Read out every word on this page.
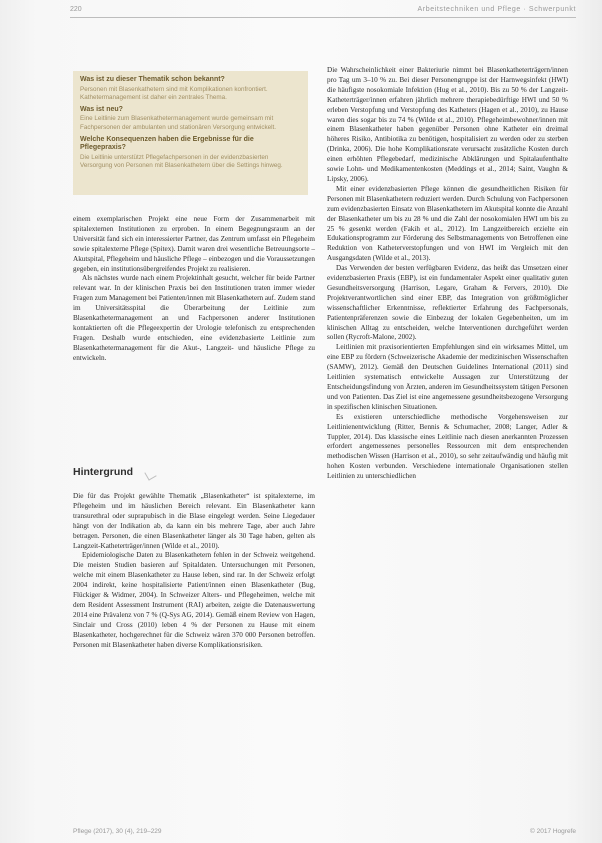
220	Arbeitstechniken und Pflege · Schwerpunkt
Was ist zu dieser Thematik schon bekannt?
Personen mit Blasenkathetern sind mit Komplikationen konfrontiert. Kathetermanagement ist daher ein zentrales Thema.
Was ist neu?
Eine Leitlinie zum Blasenkathetermanagement wurde gemeinsam mit Fachpersonen der ambulanten und stationären Versorgung entwickelt.
Welche Konsequenzen haben die Ergebnisse für die Pflegepraxis?
Die Leitlinie unterstützt Pflegefachpersonen in der evidenzbasierten Versorgung von Personen mit Blasenkathetern über die Settings hinweg.

einem exemplarischen Projekt eine neue Form der Zusammenarbeit mit spitalexternen Institutionen zu erproben. In einem Begegnungsraum an der Universität fand sich ein interessierter Partner, das Zentrum umfasst ein Pflegeheim sowie spitalexterne Pflege (Spitex). Damit waren drei wesentliche Betreuungsorte – Akutspital, Pflegeheim und häusliche Pflege – einbezogen und die Voraussetzungen gegeben, ein institutionsübergreifendes Projekt zu realisieren.

Als nächstes wurde nach einem Projektinhalt gesucht, welcher für beide Partner relevant war. In der klinischen Praxis bei den Institutionen traten immer wieder Fragen zum Management bei Patienten/innen mit Blasenkathetern auf. Zudem stand im Universitätsspital die Überarbeitung der Leitlinie zum Blasenkathetermanagement an und Fachpersonen anderer Institutionen kontaktierten oft die Pflegeexpertin der Urologie telefonisch zu entsprechenden Fragen. Deshalb wurde entschieden, eine evidenzbasierte Leitlinie zum Blasenkathetermanagement für die Akut-, Langzeit- und häusliche Pflege zu entwickeln.

Hintergrund

Die für das Projekt gewählte Thematik „Blasenkatheter“ ist spitalexterne, im Pflegeheim und im häuslichen Bereich relevant. Ein Blasenkatheter kann transurethral oder suprapubisch in die Blase eingelegt werden. Seine Liegedauer hängt von der Indikation ab, da kann ein bis mehrere Tage, aber auch Jahre betragen. Personen, die einen Blasenkatheter länger als 30 Tage haben, gelten als Langzeit-Katheterträger/innen (Wilde et al., 2010).

Epidemiologische Daten zu Blasenkathetern fehlen in der Schweiz weitgehend. Die meisten Studien basieren auf Spitaldaten. Untersuchungen mit Personen, welche mit einem Blasenkatheter zu Hause leben, sind rar. In der Schweiz erfolgt 2004 indirekt, keine hospitalisierte Patient/innen einen Blasenkatheter (Bug, Flückiger & Widmer, 2004). In Schweizer Alters- und Pflegeheimen, welche mit dem Resident Assessment Instrument (RAI) arbeiten, zeigte die Datenauswertung 2014 eine Prävalenz von 7 % (Q-Sys AG, 2014). Gemäß einem Review von Hagen, Sinclair und Cross (2010) leben 4 % der Personen zu Hause mit einem Blasenkatheter, hochgerechnet für die Schweiz wären 370 000 Personen betroffen. Personen mit Blasenkatheter haben diverse Komplikationsrisiken.

Die Wahrscheinlichkeit einer Bakteriurie nimmt bei Blasenkatheterträgern/innen pro Tag um 3–10 % zu. Bei dieser Personengruppe ist der Harnwegsinfekt (HWI) die häufigste nosokomiale Infektion (Hug et al., 2010). Bis zu 50 % der Langzeit-Katheterträger/innen erfahren jährlich mehrere therapiebedürftige HWI und 50 % erleben Verstopfung und Verstopfung des Katheters (Hagen et al., 2010), zu Hause waren dies sogar bis zu 74 % (Wilde et al., 2010). Pflegeheimbewohner/innen mit einem Blasenkatheter haben gegenüber Personen ohne Katheter ein dreimal höheres Risiko, Antibiotika zu benötigen, hospitalisiert zu werden oder zu sterben (Drinka, 2006). Die hohe Komplikationsrate verursacht zusätzliche Kosten durch einen erhöhten Pflegebedarf, medizinische Abklärungen und Spitalaufenthalte sowie Lohn- und Medikamentenkosten (Meddings et al., 2014; Saint, Vaughn & Lipsky, 2006).

Mit einer evidenzbasierten Pflege können die gesundheitlichen Risiken für Personen mit Blasenkathetern reduziert werden. Durch Schulung von Fachpersonen zum evidenzbasierten Einsatz von Blasenkathetern im Akutspital konnte die Anzahl der Blasenkatheter um bis zu 28 % und die Zahl der nosokomialen HWI um bis zu 25 % gesenkt werden (Fakih et al., 2012). Im Langzeitbereich erzielte ein Edukationsprogramm zur Förderung des Selbstmanagements von Betroffenen eine Reduktion von Katheterverstopfungen und von HWI im Vergleich mit den Ausgangsdaten (Wilde et al., 2013).

Das Verwenden der besten verfügbaren Evidenz, das heißt das Umsetzen einer evidenzbasierten Praxis (EBP), ist ein fundamentaler Aspekt einer qualitativ guten Gesundheitsversorgung (Harrison, Legare, Graham & Fervers, 2010). Die Projektverantwortlichen sind einer EBP, das Integration von größtmöglicher wissenschaftlicher Erkenntnisse, reflektierter Erfahrung des Fachpersonals, Patientenpräferenzen sowie die Einbezug der lokalen Gegebenheiten, um im klinischen Alltag zu entscheiden, welche Interventionen durchgeführt werden sollen (Rycroft-Malone, 2002).

Leitlinien mit praxisorientierten Empfehlungen sind ein wirksames Mittel, um eine EBP zu fördern (Schweizerische Akademie der medizinischen Wissenschaften (SAMW), 2012). Gemäß den Deutschen Guidelines International (2011) sind Leitlinien systematisch entwickelte Aussagen zur Unterstützung der Entscheidungsfindung von Ärzten, anderen im Gesundheitssystem tätigen Personen und von Patienten. Das Ziel ist eine angemessene gesundheitsbezogene Versorgung in spezifischen klinischen Situationen.

Es existieren unterschiedliche methodische Vorgehensweisen zur Leitlinienentwicklung (Ritter, Bennis & Schumacher, 2008; Langer, Adler & Tuppler, 2014). Das klassische eines Leitlinie nach diesen anerkannten Prozessen erfordert angemessenes personelles Ressourcen mit dem entsprechenden methodischen Wissen (Harrison et al., 2010), so sehr zeitaufwändig und häufig mit hohen Kosten verbunden. Verschiedene internationale Organisationen stellen Leitlinien zu unterschiedlichen

Pflege (2017), 30 (4), 219–229	© 2017 Hogrefe
